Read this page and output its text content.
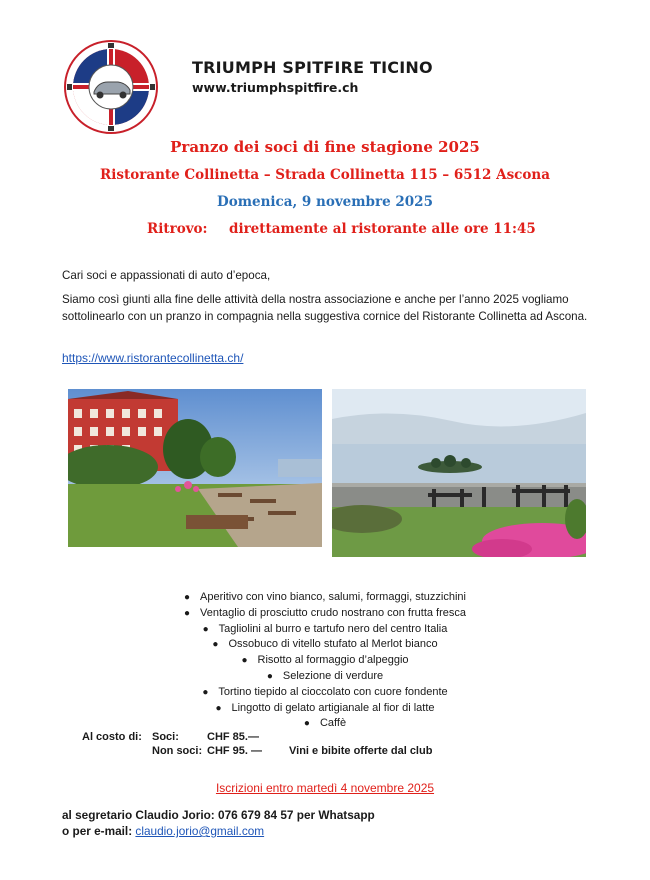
TRIUMPH SPITFIRE TICINO
www.triumphspitfire.ch
Pranzo dei soci di fine stagione 2025
Ristorante Collinetta – Strada Collinetta 115 – 6512 Ascona
Domenica, 9 novembre 2025
Ritrovo: direttamente al ristorante alle ore 11:45
Cari soci e appassionati di auto d’epoca,
Siamo così giunti alla fine delle attività della nostra associazione e anche per l’anno 2025 vogliamo sottolinearlo con un pranzo in compagnia nella suggestiva cornice del Ristorante Collinetta ad Ascona.
https://www.ristorantecollinetta.ch/
● Aperitivo con vino bianco, salumi, formaggi, stuzzichini
● Ventaglio di prosciutto crudo nostrano con frutta fresca
● Tagliolini al burro e tartufo nero del centro Italia
● Ossobuco di vitello stufato al Merlot bianco
● Risotto al formaggio d’alpeggio
● Selezione di verdure
● Tortino tiepido al cioccolato con cuore fondente
● Lingotto di gelato artigianale al fior di latte
● Caffè
Al costo di: Soci:	CHF 85.—
Non soci: CHF 95. — Vini e bibite offerte dal club
Iscrizioni entro martedì 4 novembre 2025
al segretario Claudio Jorio: 076 679 84 57 per Whatsapp
o per e-mail: claudio.jorio@gmail.com
